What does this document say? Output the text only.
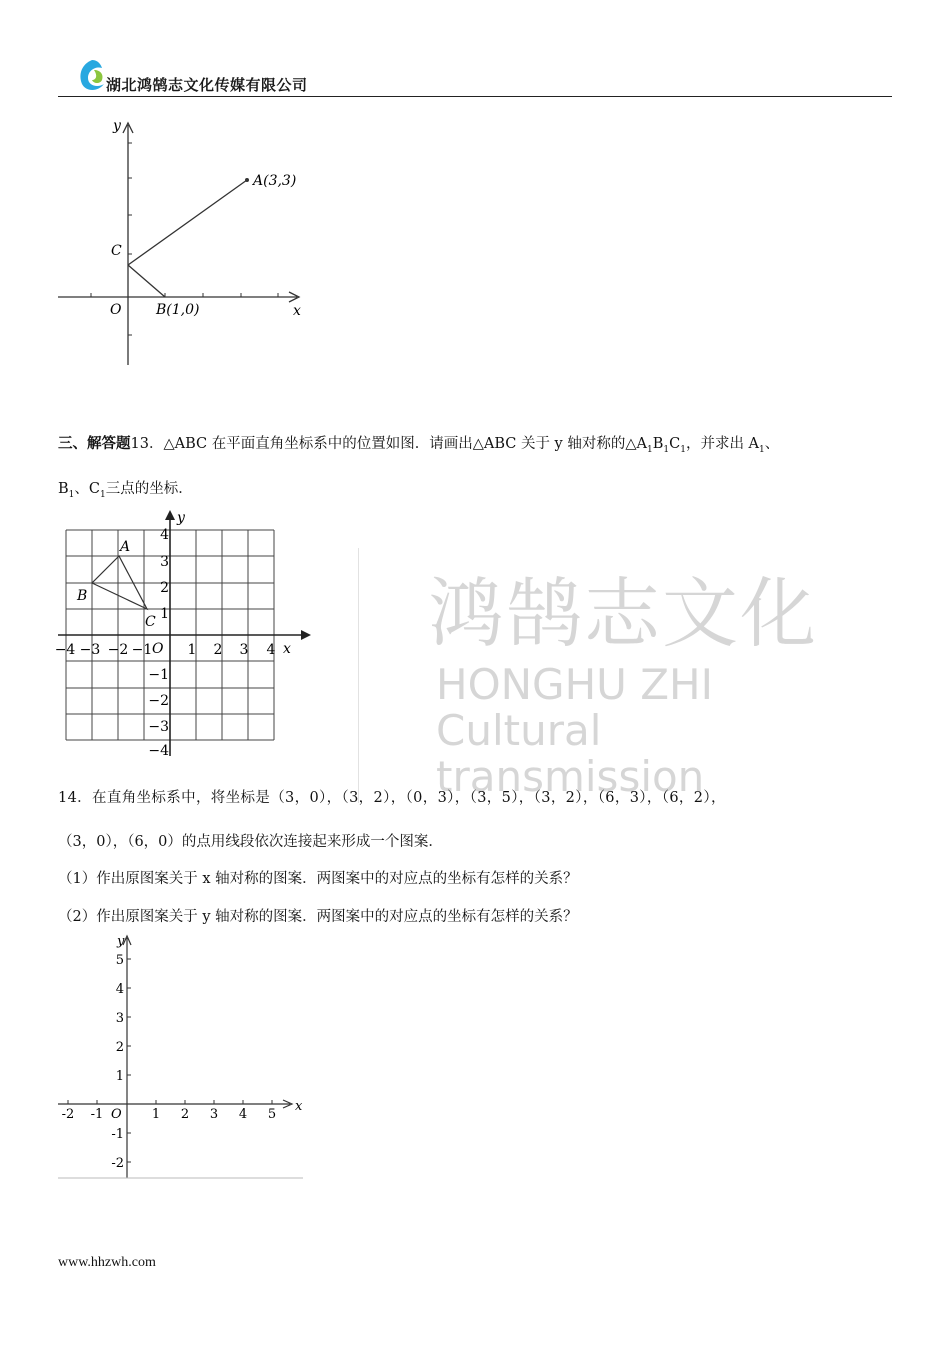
湖北鸿鹄志文化传媒有限公司
鸿鹄志文化
HONGHU ZHI
Cultural
transmission
y
x
O
A(3,3)
B(1,0)
C
三、解答题13．△ABC 在平面直角坐标系中的位置如图．请画出△ABC 关于 y 轴对称的$\triangle A_1B_1C_1$，并求出 $A_1$、
$B_1$、$C_1$三点的坐标．
y
x
O
A
B
C
−4 −3 −2 −1	1 2 3 4
4
3
2
1
−1
−2
−3
−4
14．在直角坐标系中，将坐标是（3，0），（3，2），（0，3），（3，5），（3，2），（6，3），（6，2），
（3，0），（6，0）的点用线段依次连接起来形成一个图案．
（1）作出原图案关于 x 轴对称的图案．两图案中的对应点的坐标有怎样的关系？
（2）作出原图案关于 y 轴对称的图案．两图案中的对应点的坐标有怎样的关系？
y
x
O
-2 -1	1 2 3 4 5
5
4
3
2
1
-1
-2
www.hhzwh.com
